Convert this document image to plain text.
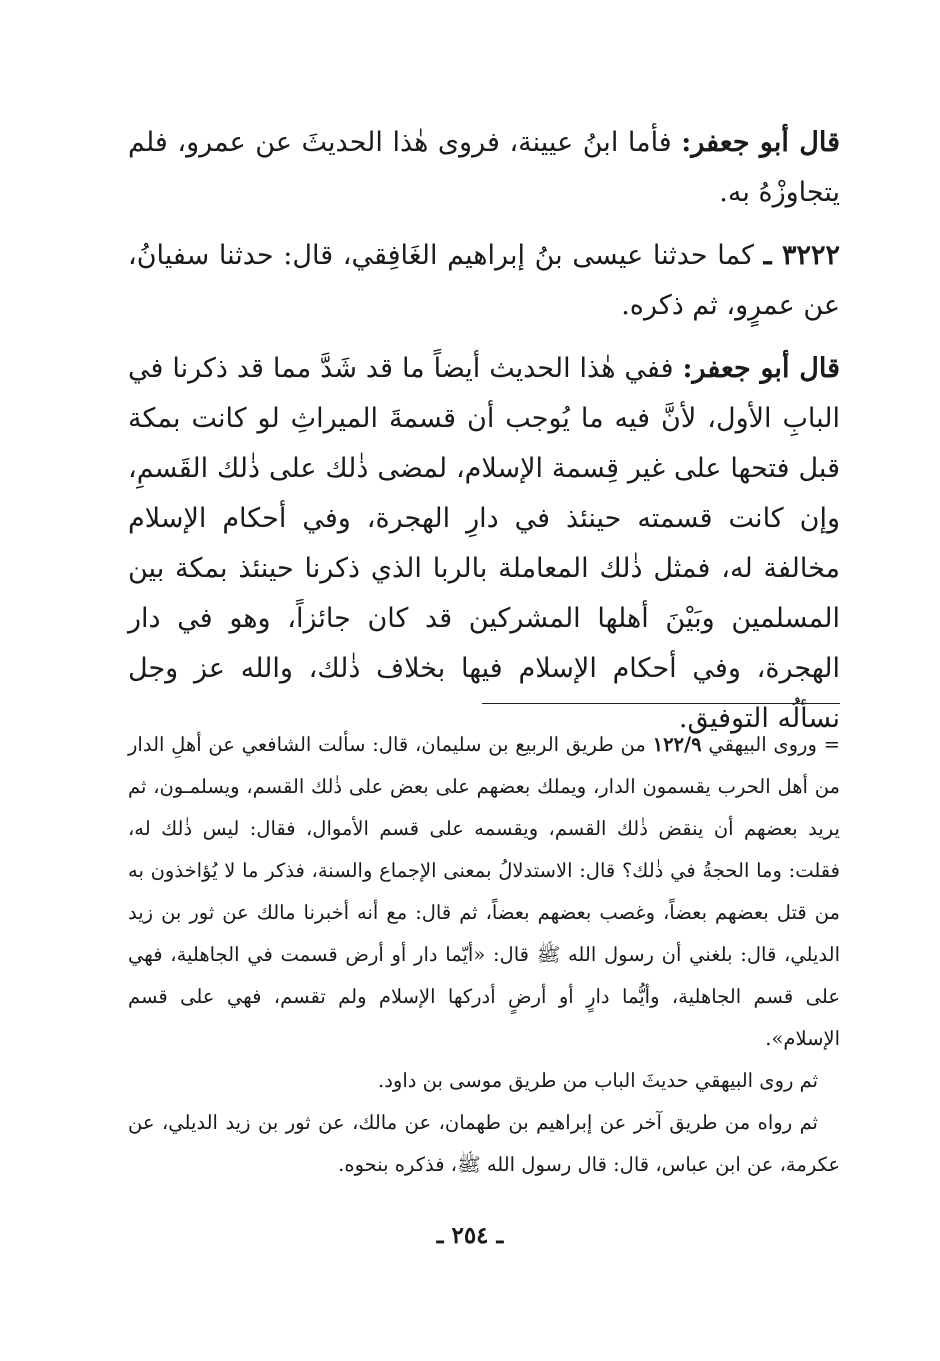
قال أبو جعفر: فأما ابنُ عيينة، فروى هٰذا الحديثَ عن عمرو، فلم يتجاوزْهُ به.

٣٢٢٢ ـ كما حدثنا عيسى بنُ إبراهيم الغَافِقي، قال: حدثنا سفيانُ، عن عمرٍو، ثم ذكره.

قال أبو جعفر: ففي هٰذا الحديث أيضاً ما قد شَدَّ مما قد ذكرنا في البابِ الأول، لأنَّ فيه ما يُوجب أن قسمةَ الميراثِ لو كانت بمكة قبل فتحها على غير قِسمة الإسلام، لمضى ذٰلك على ذٰلك القَسمِ، وإن كانت قسمته حينئذ في دارِ الهجرة، وفي أحكام الإسلام مخالفة له، فمثل ذٰلك المعاملة بالربا الذي ذكرنا حينئذ بمكة بين المسلمين وبَيْنَ أهلها المشركين قد كان جائزاً، وهو في دار الهجرة، وفي أحكام الإسلام فيها بخلاف ذٰلك، والله عز وجل نسألُه التوفيق.

= وروى البيهقي ١٢٢/٩ من طريق الربيع بن سليمان، قال: سألت الشافعي عن أهلِ الدار من أهل الحرب يقسمون الدار، ويملك بعضهم على بعض على ذٰلك القسم، ويسلمـون، ثم يريد بعضهم أن ينقض ذٰلك القسم، ويقسمه على قسم الأموال، فقال: ليس ذٰلك له، فقلت: وما الحجةُ في ذٰلك؟ قال: الاستدلالُ بمعنى الإجماع والسنة، فذكر ما لا يُؤاخذون به من قتل بعضهم بعضاً، وغصب بعضهم بعضاً، ثم قال: مع أنه أخبرنا مالك عن ثور بن زيد الديلي، قال: بلغني أن رسول الله ﷺ قال: «أيّما دار أو أرض قسمت في الجاهلية، فهي على قسم الجاهلية، وأيُّما دارٍ أو أرضٍ أدركها الإسلام ولم تقسم، فهي على قسم الإسلام».

ثم روى البيهقي حديثَ الباب من طريق موسى بن داود.

ثم رواه من طريق آخر عن إبراهيم بن طهمان، عن مالك، عن ثور بن زيد الديلي، عن عكرمة، عن ابن عباس، قال: قال رسول الله ﷺ، فذكره بنحوه.

ـ ٢٥٤ ـ
